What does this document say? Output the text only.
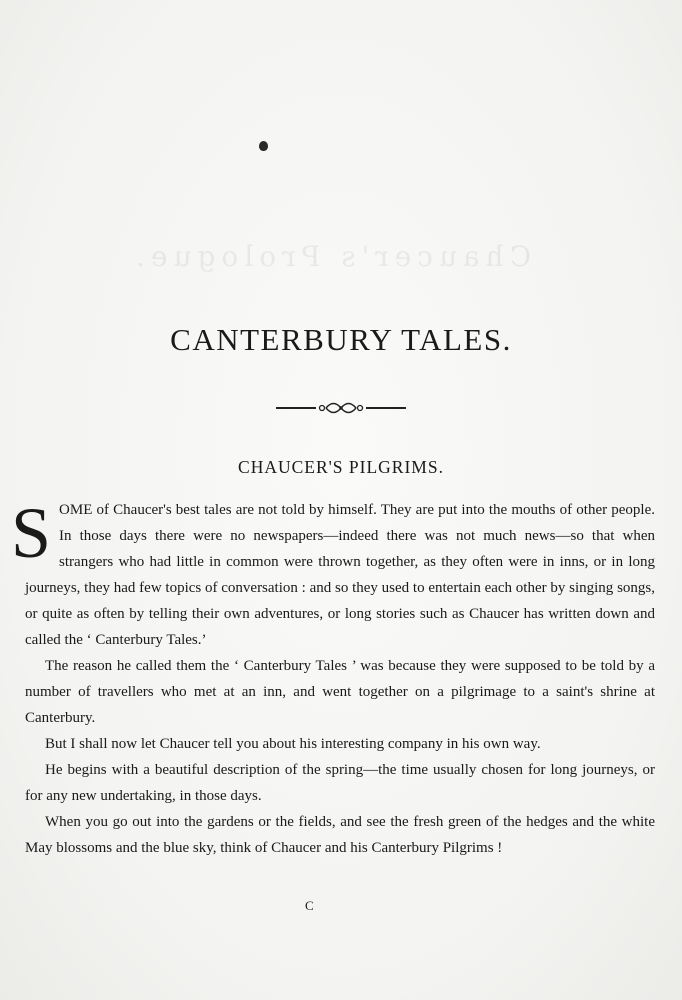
Chaucer's Prologue.
CANTERBURY TALES.
CHAUCER'S PILGRIMS.

SOME of Chaucer's best tales are not told by himself. They are put into the mouths of other people. In those days there were no newspapers—indeed there was not much news—so that when strangers who had little in common were thrown together, as they often were in inns, or in long journeys, they had few topics of conversation : and so they used to entertain each other by singing songs, or quite as often by telling their own adventures, or long stories such as Chaucer has written down and called the ‘ Canterbury Tales.’

The reason he called them the ‘ Canterbury Tales ’ was because they were supposed to be told by a number of travellers who met at an inn, and went together on a pilgrimage to a saint's shrine at Canterbury.

But I shall now let Chaucer tell you about his interesting company in his own way.

He begins with a beautiful description of the spring—the time usually chosen for long journeys, or for any new undertaking, in those days.

When you go out into the gardens or the fields, and see the fresh green of the hedges and the white May blossoms and the blue sky, think of Chaucer and his Canterbury Pilgrims !

C
